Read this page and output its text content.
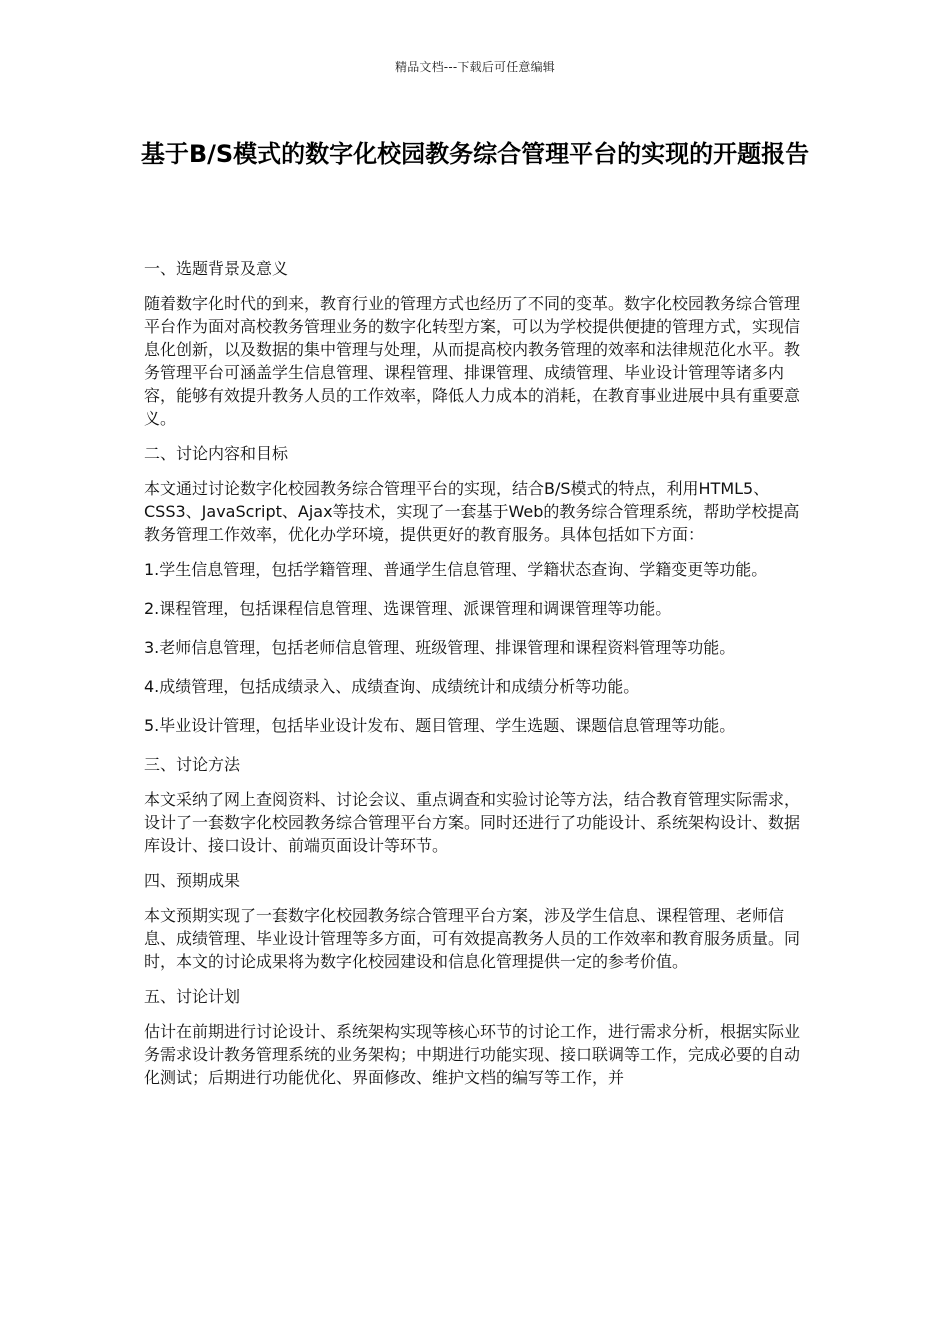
精品文档---下载后可任意编辑
基于B/S模式的数字化校园教务综合管理平台的实现的开题报告

一、选题背景及意义

随着数字化时代的到来，教育行业的管理方式也经历了不同的变革。数字化校园教务综合管理平台作为面对高校教务管理业务的数字化转型方案，可以为学校提供便捷的管理方式，实现信息化创新，以及数据的集中管理与处理，从而提高校内教务管理的效率和法律规范化水平。教务管理平台可涵盖学生信息管理、课程管理、排课管理、成绩管理、毕业设计管理等诸多内容，能够有效提升教务人员的工作效率，降低人力成本的消耗，在教育事业进展中具有重要意义。

二、讨论内容和目标

本文通过讨论数字化校园教务综合管理平台的实现，结合B/S模式的特点，利用HTML5、CSS3、JavaScript、Ajax等技术，实现了一套基于Web的教务综合管理系统，帮助学校提高教务管理工作效率，优化办学环境，提供更好的教育服务。具体包括如下方面：

1.学生信息管理，包括学籍管理、普通学生信息管理、学籍状态查询、学籍变更等功能。

2.课程管理，包括课程信息管理、选课管理、派课管理和调课管理等功能。

3.老师信息管理，包括老师信息管理、班级管理、排课管理和课程资料管理等功能。

4.成绩管理，包括成绩录入、成绩查询、成绩统计和成绩分析等功能。

5.毕业设计管理，包括毕业设计发布、题目管理、学生选题、课题信息管理等功能。

三、讨论方法

本文采纳了网上查阅资料、讨论会议、重点调查和实验讨论等方法，结合教育管理实际需求，设计了一套数字化校园教务综合管理平台方案。同时还进行了功能设计、系统架构设计、数据库设计、接口设计、前端页面设计等环节。

四、预期成果

本文预期实现了一套数字化校园教务综合管理平台方案，涉及学生信息、课程管理、老师信息、成绩管理、毕业设计管理等多方面，可有效提高教务人员的工作效率和教育服务质量。同时，本文的讨论成果将为数字化校园建设和信息化管理提供一定的参考价值。

五、讨论计划

估计在前期进行讨论设计、系统架构实现等核心环节的讨论工作，进行需求分析，根据实际业务需求设计教务管理系统的业务架构；中期进行功能实现、接口联调等工作，完成必要的自动化测试；后期进行功能优化、界面修改、维护文档的编写等工作，并
